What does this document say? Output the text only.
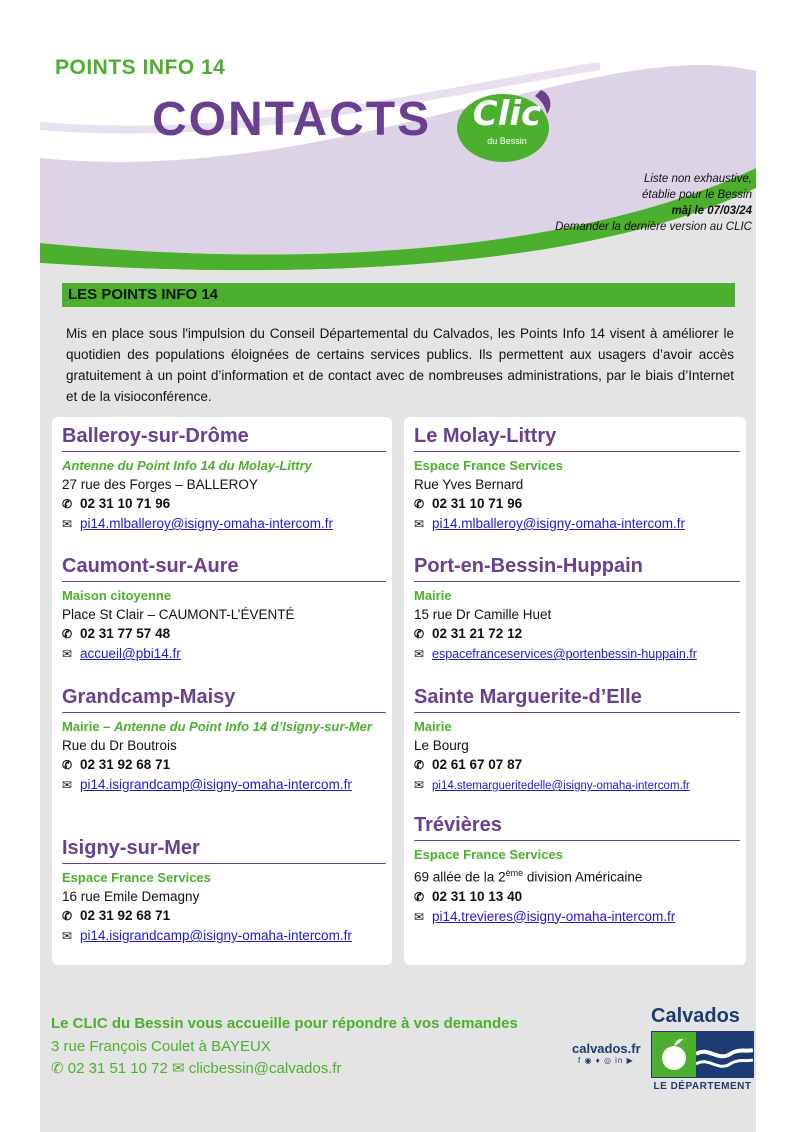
POINTS INFO 14
CONTACTS	Clic
du Bessin
Liste non exhaustive,
établie pour le Bessin
màj le 07/03/24
Demander la dernière version au CLIC
LES POINTS INFO 14
Mis en place sous l'impulsion du Conseil Départemental du Calvados, les Points Info 14 visent à améliorer le quotidien des populations éloignées de certains services publics. Ils permettent aux usagers d’avoir accès gratuitement à un point d’information et de contact avec de nombreuses administrations, par le biais d’Internet et de la visioconférence.
Balleroy-sur-Drôme
Antenne du Point Info 14 du Molay-Littry
27 rue des Forges – BALLEROY
✆ 02 31 10 71 96
✉ pi14.mlballeroy@isigny-omaha-intercom.fr
Caumont-sur-Aure
Maison citoyenne
Place St Clair – CAUMONT-L’ÉVENTÉ
✆ 02 31 77 57 48
✉ accueil@pbi14.fr
Grandcamp-Maisy
Mairie – Antenne du Point Info 14 d’Isigny-sur-Mer
Rue du Dr Boutrois
✆ 02 31 92 68 71
✉ pi14.isigrandcamp@isigny-omaha-intercom.fr
Isigny-sur-Mer
Espace France Services
16 rue Emile Demagny
✆ 02 31 92 68 71
✉ pi14.isigrandcamp@isigny-omaha-intercom.fr
Le Molay-Littry
Espace France Services
Rue Yves Bernard
✆ 02 31 10 71 96
✉ pi14.mlballeroy@isigny-omaha-intercom.fr
Port-en-Bessin-Huppain
Mairie
15 rue Dr Camille Huet
✆ 02 31 21 72 12
✉ espacefranceservices@portenbessin-huppain.fr
Sainte Marguerite-d’Elle
Mairie
Le Bourg
✆ 02 61 67 07 87
✉ pi14.stemargueritedelle@isigny-omaha-intercom.fr
Trévières
Espace France Services
69 allée de la 2ème division Américaine
✆ 02 31 10 13 40
✉ pi14.trevieres@isigny-omaha-intercom.fr
Le CLIC du Bessin vous accueille pour répondre à vos demandes
3 rue François Coulet à BAYEUX
✆ 02 31 51 10 72 ✉ clicbessin@calvados.fr
calvados.fr
f ◉ ♦ ◎ in ▶
Calvados
LE DÉPARTEMENT
